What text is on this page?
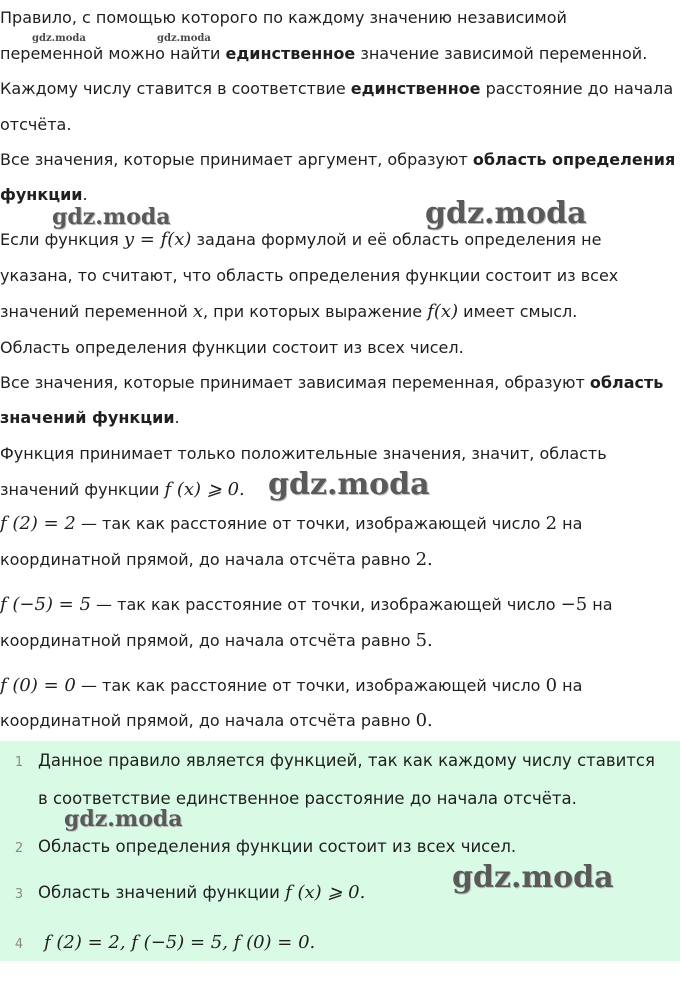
Правило, с помощью которого по каждому значению независимой
переменной можно найти единственное значение зависимой переменной.
Каждому числу ставится в соответствие единственное расстояние до начала
отсчёта.
Все значения, которые принимает аргумент, образуют область определения
функции.
Если функция y = f(x) задана формулой и её область определения не
указана, то считают, что область определения функции состоит из всех
значений переменной x, при которых выражение f(x) имеет смысл.
Область определения функции состоит из всех чисел.
Все значения, которые принимает зависимая переменная, образуют область
значений функции.
Функция принимает только положительные значения, значит, область
значений функции f (x) ⩾ 0.
f (2) = 2 — так как расстояние от точки, изображающей число 2 на
координатной прямой, до начала отсчёта равно 2.
f (−5) = 5 — так как расстояние от точки, изображающей число −5 на
координатной прямой, до начала отсчёта равно 5.
f (0) = 0 — так как расстояние от точки, изображающей число 0 на
координатной прямой, до начала отсчёта равно 0.
1 Данное правило является функцией, так как каждому числу ставится
в соответствие единственное расстояние до начала отсчёта.
2 Область определения функции состоит из всех чисел.
3 Область значений функции f (x) ⩾ 0.
4 f (2) = 2, f (−5) = 5, f (0) = 0.
gdz.moda	gdz.moda
gdz.moda	gdz.moda
gdz.moda
gdz.moda
gdz.moda
